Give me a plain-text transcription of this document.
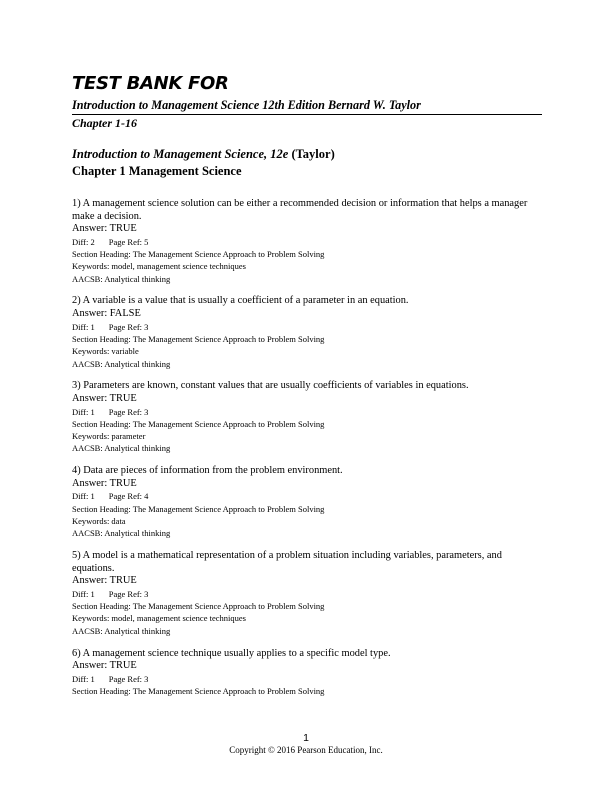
TEST BANK FOR
Introduction to Management Science 12th Edition Bernard W. Taylor
Chapter 1-16
Introduction to Management Science, 12e (Taylor)
Chapter 1 Management Science
1) A management science solution can be either a recommended decision or information that helps a manager make a decision.
Answer: TRUE
Diff: 2 Page Ref: 5
Section Heading: The Management Science Approach to Problem Solving
Keywords: model, management science techniques
AACSB: Analytical thinking
2) A variable is a value that is usually a coefficient of a parameter in an equation.
Answer: FALSE
Diff: 1 Page Ref: 3
Section Heading: The Management Science Approach to Problem Solving
Keywords: variable
AACSB: Analytical thinking
3) Parameters are known, constant values that are usually coefficients of variables in equations.
Answer: TRUE
Diff: 1 Page Ref: 3
Section Heading: The Management Science Approach to Problem Solving
Keywords: parameter
AACSB: Analytical thinking
4) Data are pieces of information from the problem environment.
Answer: TRUE
Diff: 1 Page Ref: 4
Section Heading: The Management Science Approach to Problem Solving
Keywords: data
AACSB: Analytical thinking
5) A model is a mathematical representation of a problem situation including variables, parameters, and equations.
Answer: TRUE
Diff: 1 Page Ref: 3
Section Heading: The Management Science Approach to Problem Solving
Keywords: model, management science techniques
AACSB: Analytical thinking
6) A management science technique usually applies to a specific model type.
Answer: TRUE
Diff: 1 Page Ref: 3
Section Heading: The Management Science Approach to Problem Solving
1
Copyright © 2016 Pearson Education, Inc.
